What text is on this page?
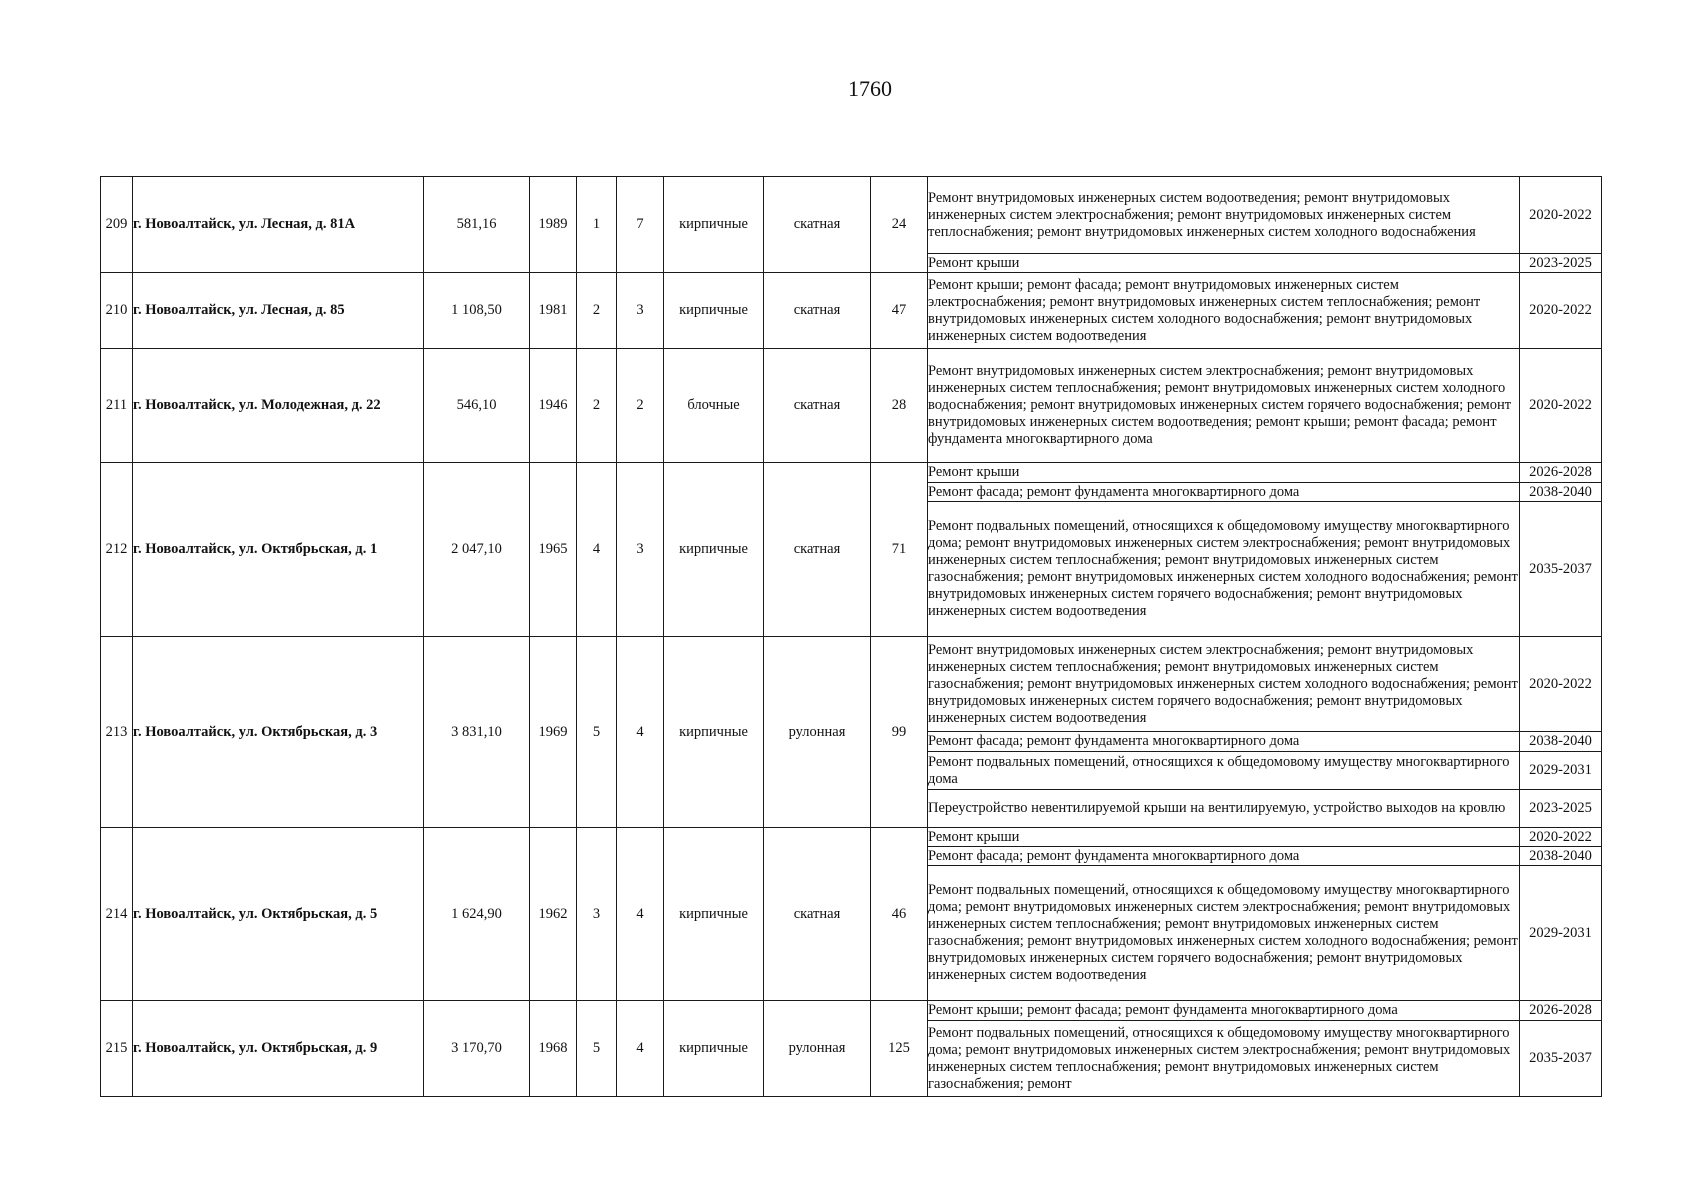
1760
209	г. Новоалтайск, ул. Лесная, д. 81А	581,16	1989	1	7	кирпичные	скатная	24	Ремонт внутридомовых инженерных систем водоотведения; ремонт внутридомовых инженерных систем электроснабжения; ремонт внутридомовых инженерных систем теплоснабжения; ремонт внутридомовых инженерных систем холодного водоснабжения	2020-2022
									Ремонт крыши	2023-2025
210	г. Новоалтайск, ул. Лесная, д. 85	1 108,50	1981	2	3	кирпичные	скатная	47	Ремонт крыши; ремонт фасада; ремонт внутридомовых инженерных систем электроснабжения; ремонт внутридомовых инженерных систем теплоснабжения; ремонт внутридомовых инженерных систем холодного водоснабжения; ремонт внутридомовых инженерных систем водоотведения	2020-2022
211	г. Новоалтайск, ул. Молодежная, д. 22	546,10	1946	2	2	блочные	скатная	28	Ремонт внутридомовых инженерных систем электроснабжения; ремонт внутридомовых инженерных систем теплоснабжения; ремонт внутридомовых инженерных систем холодного водоснабжения; ремонт внутридомовых инженерных систем горячего водоснабжения; ремонт внутридомовых инженерных систем водоотведения; ремонт крыши; ремонт фасада; ремонт фундамента многоквартирного дома	2020-2022
212	г. Новоалтайск, ул. Октябрьская, д. 1	2 047,10	1965	4	3	кирпичные	скатная	71	Ремонт крыши	2026-2028
									Ремонт фасада; ремонт фундамента многоквартирного дома	2038-2040
									Ремонт подвальных помещений, относящихся к общедомовому имуществу многоквартирного дома; ремонт внутридомовых инженерных систем электроснабжения; ремонт внутридомовых инженерных систем теплоснабжения; ремонт внутридомовых инженерных систем газоснабжения; ремонт внутридомовых инженерных систем холодного водоснабжения; ремонт внутридомовых инженерных систем горячего водоснабжения; ремонт внутридомовых инженерных систем водоотведения	2035-2037
213	г. Новоалтайск, ул. Октябрьская, д. 3	3 831,10	1969	5	4	кирпичные	рулонная	99	Ремонт внутридомовых инженерных систем электроснабжения; ремонт внутридомовых инженерных систем теплоснабжения; ремонт внутридомовых инженерных систем газоснабжения; ремонт внутридомовых инженерных систем холодного водоснабжения; ремонт внутридомовых инженерных систем горячего водоснабжения; ремонт внутридомовых инженерных систем водоотведения	2020-2022
									Ремонт фасада; ремонт фундамента многоквартирного дома	2038-2040
									Ремонт подвальных помещений, относящихся к общедомовому имуществу многоквартирного дома	2029-2031
									Переустройство невентилируемой крыши на вентилируемую, устройство выходов на кровлю	2023-2025
214	г. Новоалтайск, ул. Октябрьская, д. 5	1 624,90	1962	3	4	кирпичные	скатная	46	Ремонт крыши	2020-2022
									Ремонт фасада; ремонт фундамента многоквартирного дома	2038-2040
									Ремонт подвальных помещений, относящихся к общедомовому имуществу многоквартирного дома; ремонт внутридомовых инженерных систем электроснабжения; ремонт внутридомовых инженерных систем теплоснабжения; ремонт внутридомовых инженерных систем газоснабжения; ремонт внутридомовых инженерных систем холодного водоснабжения; ремонт внутридомовых инженерных систем горячего водоснабжения; ремонт внутридомовых инженерных систем водоотведения	2029-2031
215	г. Новоалтайск, ул. Октябрьская, д. 9	3 170,70	1968	5	4	кирпичные	рулонная	125	Ремонт крыши; ремонт фасада; ремонт фундамента многоквартирного дома	2026-2028
									Ремонт подвальных помещений, относящихся к общедомовому имуществу многоквартирного дома; ремонт внутридомовых инженерных систем электроснабжения; ремонт внутридомовых инженерных систем теплоснабжения; ремонт внутридомовых инженерных систем газоснабжения; ремонт	2035-2037
